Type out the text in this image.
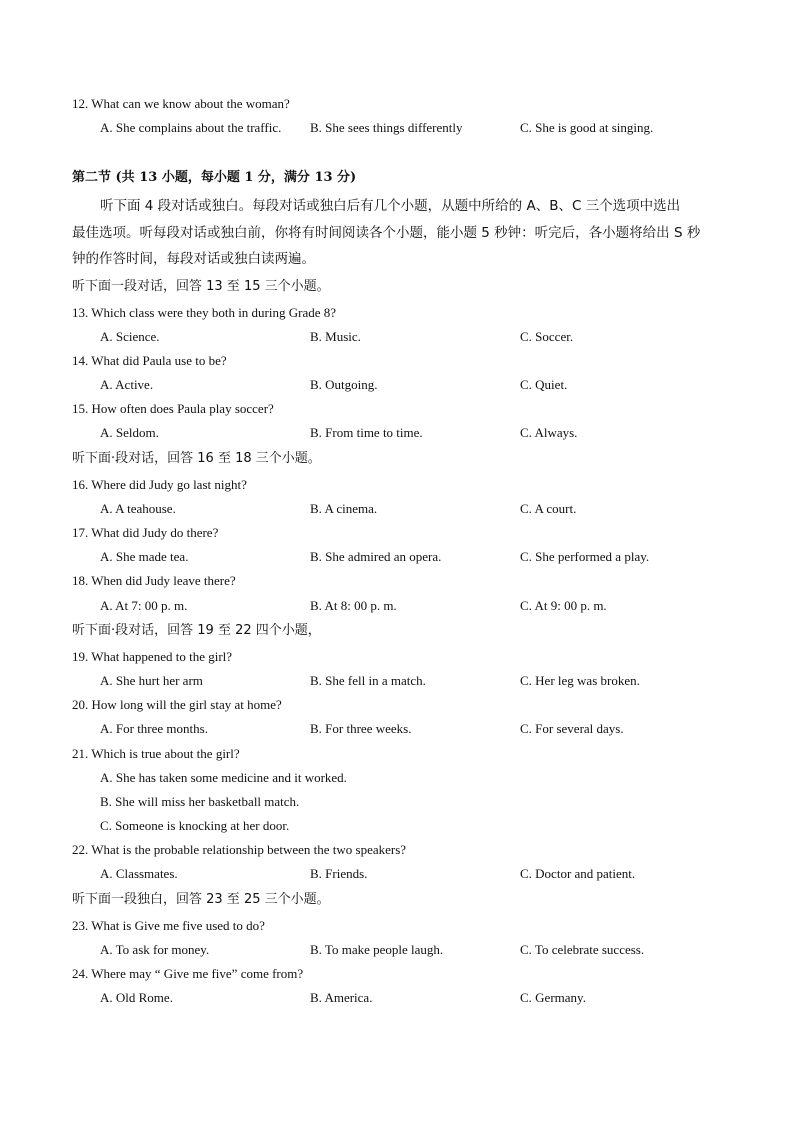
12. What can we know about the woman?
A. She complains about the traffic. B. She sees things differently	C. She is good at singing.
第二节 (共 13 小题，每小题 1 分，满分 13 分)
听下面 4 段对话或独白。每段对话或独白后有几个小题，从题中所给的 A、B、C 三个选项中选出
最佳选项。听每段对话或独白前，你将有时间阅读各个小题，能小题 5 秒钟：听完后，各小题将给出 S 秒
钟的作答时间，每段对话或独白读两遍。
听下面一段对话，回答 13 至 15 三个小题。
13. Which class were they both in during Grade 8?
A. Science.	B. Music.	C. Soccer.
14. What did Paula use to be?
A. Active.	B. Outgoing.	C. Quiet.
15. How often does Paula play soccer?
A. Seldom.	B. From time to time.	C. Always.
听下面·段对话，回答 16 至 18 三个小题。
16. Where did Judy go last night?
A. A teahouse.	B. A cinema.	C. A court.
17. What did Judy do there?
A. She made tea.	B. She admired an opera.	C. She performed a play.
18. When did Judy leave there?
A. At 7: 00 p. m.	B. At 8: 00 p. m.	C. At 9: 00 p. m.
听下面·段对话，回答 19 至 22 四个小题，
19. What happened to the girl?
A. She hurt her arm	B. She fell in a match.	C. Her leg was broken.
20. How long will the girl stay at home?
A. For three months.	B. For three weeks.	C. For several days.
21. Which is true about the girl?
A. She has taken some medicine and it worked.
B. She will miss her basketball match.
C. Someone is knocking at her door.
22. What is the probable relationship between the two speakers?
A. Classmates.	B. Friends.	C. Doctor and patient.
听下面一段独白，回答 23 至 25 三个小题。
23. What is Give me five used to do?
A. To ask for money.	B. To make people laugh.	C. To celebrate success.
24. Where may “ Give me five” come from?
A. Old Rome.	B. America.	C. Germany.
